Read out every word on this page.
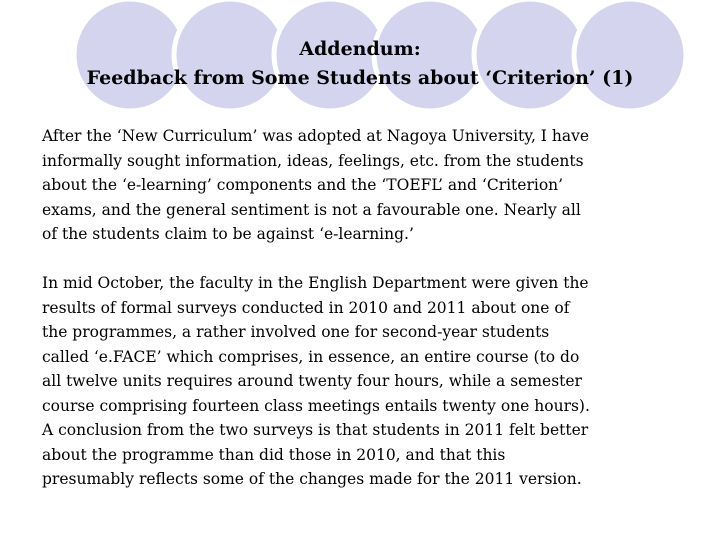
Addendum:
Feedback from Some Students about ‘Criterion’ (1)

After the ‘New Curriculum’ was adopted at Nagoya University, I have
informally sought information, ideas, feelings, etc. from the students
about the ‘e-learning’ components and the ‘TOEFL’ and ‘Criterion’
exams, and the general sentiment is not a favourable one. Nearly all
of the students claim to be against ‘e-learning.’

In mid October, the faculty in the English Department were given the
results of formal surveys conducted in 2010 and 2011 about one of
the programmes, a rather involved one for second-year students
called ‘e.FACE’ which comprises, in essence, an entire course (to do
all twelve units requires around twenty four hours, while a semester
course comprising fourteen class meetings entails twenty one hours).
A conclusion from the two surveys is that students in 2011 felt better
about the programme than did those in 2010, and that this
presumably reflects some of the changes made for the 2011 version.
